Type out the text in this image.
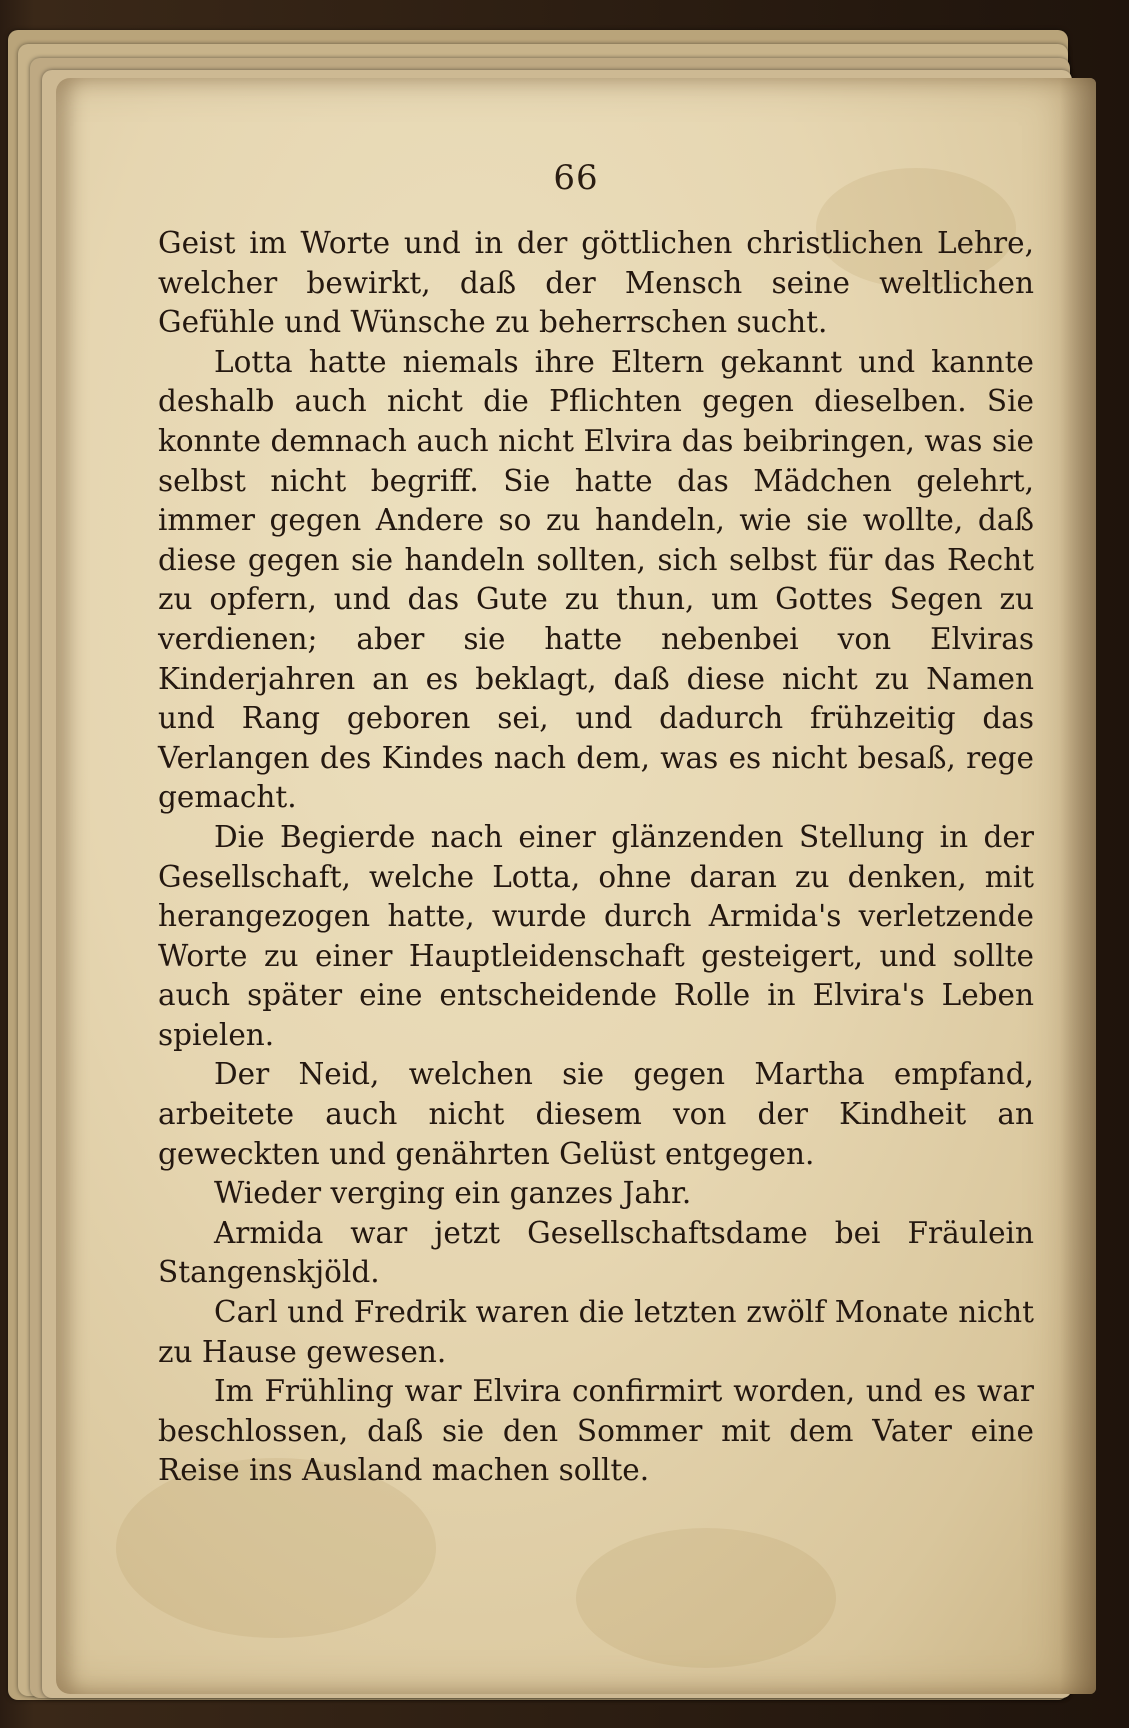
66

Geist im Worte und in der göttlichen christlichen Lehre, welcher bewirkt, daß der Mensch seine weltlichen Gefühle und Wünsche zu beherrschen sucht.

Lotta hatte niemals ihre Eltern gekannt und kannte deshalb auch nicht die Pflichten gegen dieselben. Sie konnte demnach auch nicht Elvira das beibringen, was sie selbst nicht begriff. Sie hatte das Mädchen gelehrt, immer gegen Andere so zu handeln, wie sie wollte, daß diese gegen sie handeln sollten, sich selbst für das Recht zu opfern, und das Gute zu thun, um Gottes Segen zu verdienen; aber sie hatte nebenbei von Elviras Kinderjahren an es beklagt, daß diese nicht zu Namen und Rang geboren sei, und dadurch frühzeitig das Verlangen des Kindes nach dem, was es nicht besaß, rege gemacht.

Die Begierde nach einer glänzenden Stellung in der Gesellschaft, welche Lotta, ohne daran zu denken, mit herangezogen hatte, wurde durch Armida's verletzende Worte zu einer Hauptleidenschaft gesteigert, und sollte auch später eine entscheidende Rolle in Elvira's Leben spielen.

Der Neid, welchen sie gegen Martha empfand, arbeitete auch nicht diesem von der Kindheit an geweckten und genährten Gelüst entgegen.

Wieder verging ein ganzes Jahr.

Armida war jetzt Gesellschaftsdame bei Fräulein Stangenskjöld.

Carl und Fredrik waren die letzten zwölf Monate nicht zu Hause gewesen.

Im Frühling war Elvira confirmirt worden, und es war beschlossen, daß sie den Sommer mit dem Vater eine Reise ins Ausland machen sollte.
